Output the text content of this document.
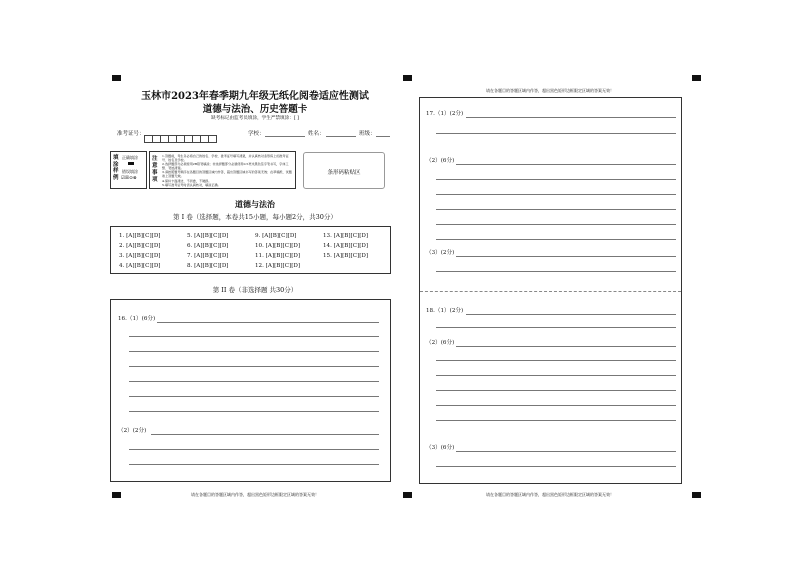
玉林市2023年春季期九年级无纸化阅卷适应性测试
道德与法治、历史答题卡
缺考标记由监考员填涂，学生严禁填涂：[ ]
准考证号：	学校：	姓名：	班级：
填涂样例
正确填涂
错误填涂
☑☒⊙⊗
注意事项
1.答题前，考生务必将自己的姓名、学校、准考证号填写清楚，并认真核对条形码上的准考证号、姓名及学校。
2.选择题部分必须使用2B铅笔填涂；非选择题部分必须使用0.5毫米黑色签字笔书写，字体工整、笔迹清楚。
3.请按照题号顺序在各题目的答题区域内作答，超出答题区域书写的答案无效；在草稿纸、试题卷上答题无效。
4.保持卡面清洁，不折叠，不破损。
5.填写准考证号时需认真核对，填涂正确。
条形码粘贴区
道德与法治
第 I 卷（选择题，本卷共15小题，每小题2分，共30分）
1. [A][B][C][D]
2. [A][B][C][D]
3. [A][B][C][D]
4. [A][B][C][D]
5. [A][B][C][D]
6. [A][B][C][D]
7. [A][B][C][D]
8. [A][B][C][D]
9. [A][B][C][D]
10. [A][B][C][D]
11. [A][B][C][D]
12. [A][B][C][D]
13. [A][B][C][D]
14. [A][B][C][D]
15. [A][B][C][D]
第 II 卷（非选择题 共30分）
16.（1）(6分)
（2）(2分)
请在各题目的答题区域内作答，超出黑色矩形边框限定区域的答案无效！
请在各题目的答题区域内作答，超出黑色矩形边框限定区域的答案无效！
17.（1）(2分)
（2）(6分)
（3）(2分)
18.（1）(2分)
（2）(6分)
（3）(6分)
请在各题目的答题区域内作答，超出黑色矩形边框限定区域的答案无效！
